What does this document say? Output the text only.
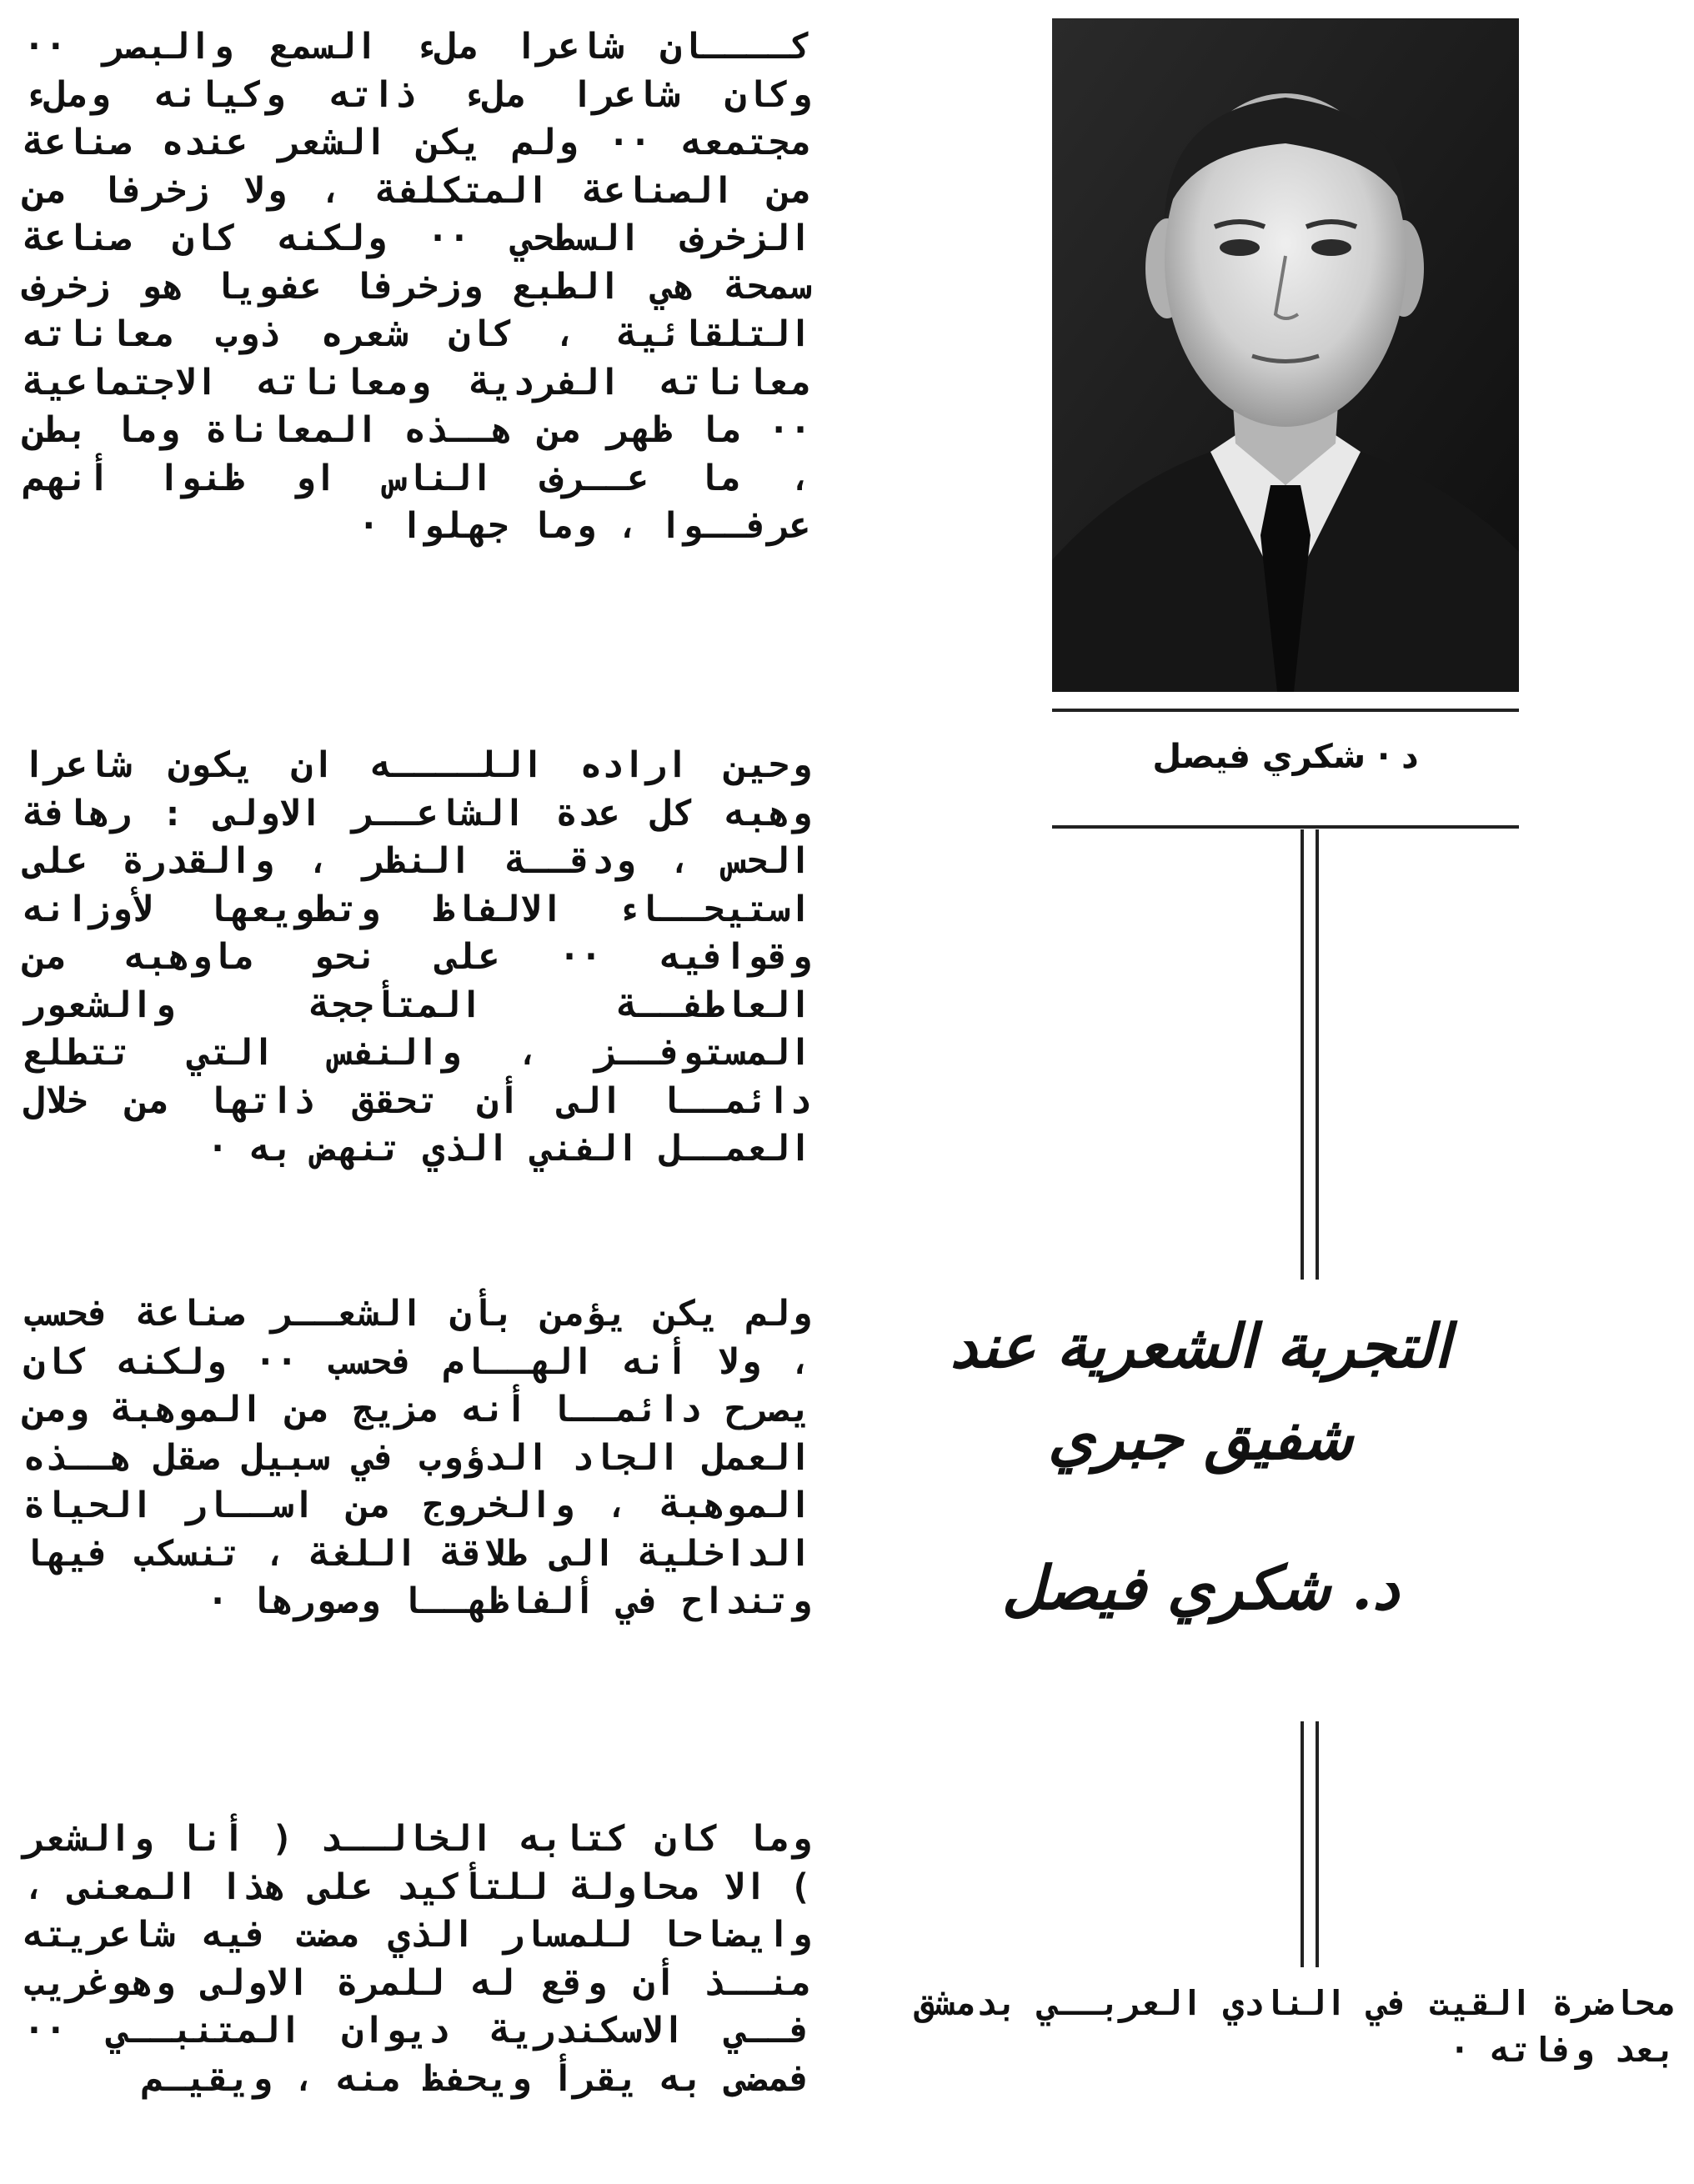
كــــان شاعرا ملء السمع والبصر ·· وكان شاعرا ملء ذاته وكيانه وملء مجتمعه ·· ولم يكن الشعر عنده صناعة من الصناعة المتكلفة ، ولا زخرفا من الزخرف السطحي ·· ولكنه كان صناعة سمحة هي الطبع وزخرفا عفويا هو زخرف التلقائية ، كان شعره ذوب معاناته معاناته الفردية ومعاناته الاجتماعية ·· ما ظهر من هــذه المعاناة وما بطن ، ما عــرف الناس او ظنوا أنهم عرفــوا ، وما جهلوا ·

وحين اراده اللــــه ان يكون شاعرا وهبه كل عدة الشاعــر الاولى : رهافة الحس ، ودقــة النظر ، والقدرة على استيحــاء الالفاظ وتطويعها لأوزانه وقوافيه ·· على نحو ماوهبه من العاطفــة المتأججة والشعور المستوفــز ، والنفس التي تتطلع دائمــا الى أن تحقق ذاتها من خلال العمــل الفني الذي تنهض به ·

ولم يكن يؤمن بأن الشعــر صناعة فحسب ، ولا أنه الهــام فحسب ·· ولكنه كان يصرح دائمــا أنه مزيج من الموهبة ومن العمل الجاد الدؤوب في سبيل صقل هــذه الموهبة ، والخروج من اســار الحياة الداخلية الى طلاقة اللغة ، تنسكب فيها وتنداح في ألفاظهــا وصورها ·

وما كان كتابه الخالــد ( أنا والشعر ) الا محاولة للتأكيد على هذا المعنى ، وايضاحا للمسار الذي مضت فيه شاعريته منــذ أن وقع له للمرة الاولى وهوغريب فــي الاسكندرية ديوان المتنبــي ·· فمضى به يقرأ ويحفظ منه ، ويقيـم

د · شكري فيصل
التجربة الشعرية عند شفيق جبري
د. شكري فيصل
محاضرة القيت في النادي العربــي بدمشق بعد وفاته ·
